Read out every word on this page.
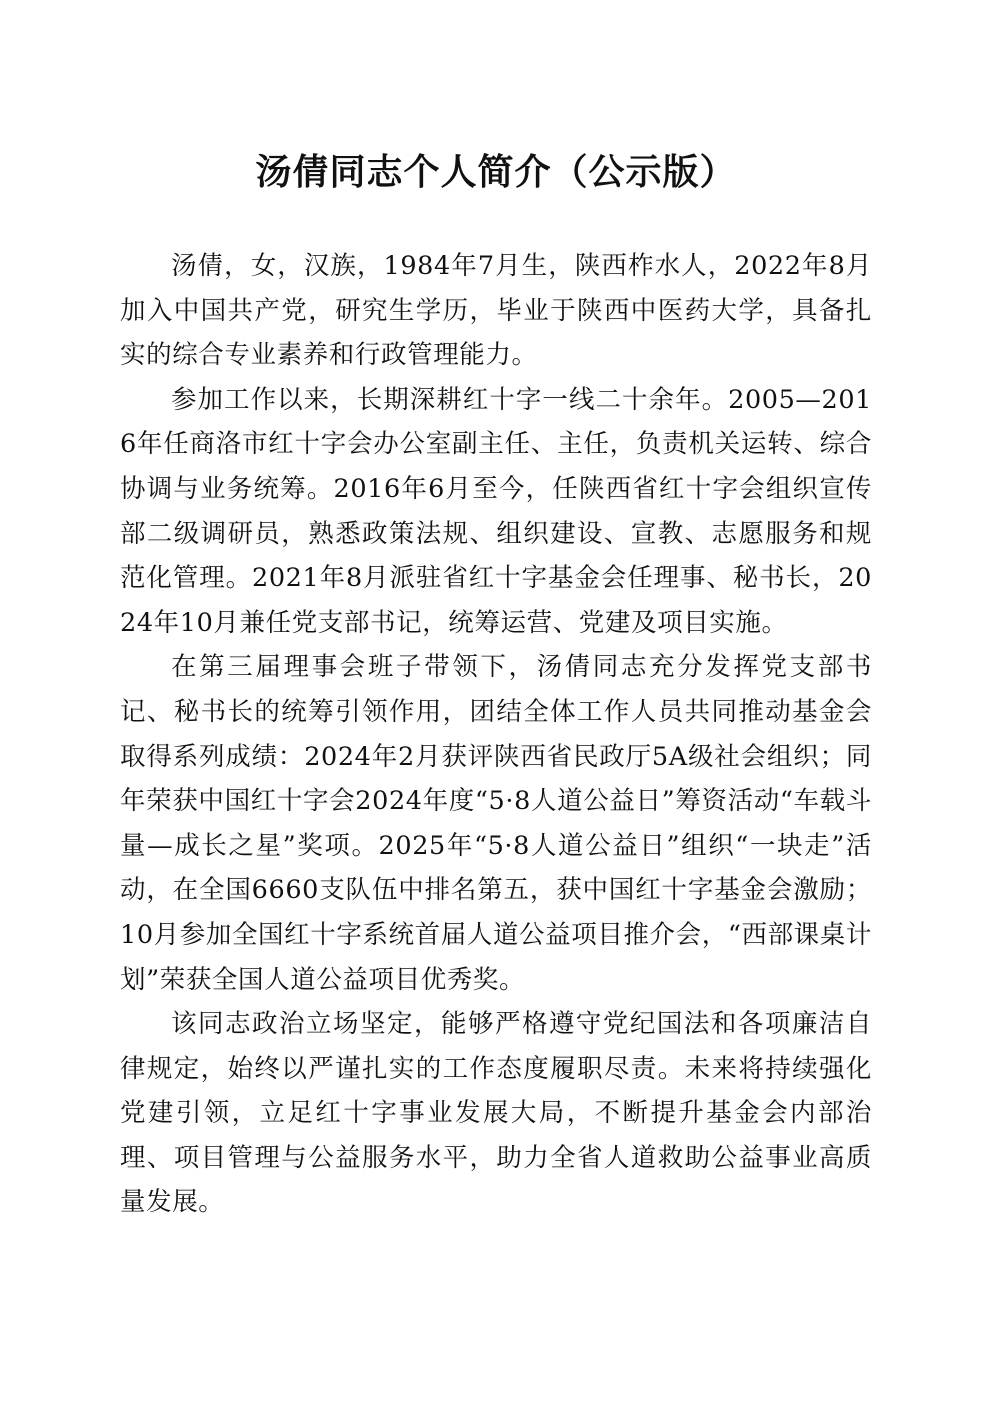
汤倩同志个人简介（公示版）

汤倩，女，汉族，1984年7月生，陕西柞水人，2022年8月加入中国共产党，研究生学历，毕业于陕西中医药大学，具备扎实的综合专业素养和行政管理能力。

参加工作以来，长期深耕红十字一线二十余年。2005—2016年任商洛市红十字会办公室副主任、主任，负责机关运转、综合协调与业务统筹。2016年6月至今，任陕西省红十字会组织宣传部二级调研员，熟悉政策法规、组织建设、宣教、志愿服务和规范化管理。2021年8月派驻省红十字基金会任理事、秘书长，2024年10月兼任党支部书记，统筹运营、党建及项目实施。

在第三届理事会班子带领下，汤倩同志充分发挥党支部书记、秘书长的统筹引领作用，团结全体工作人员共同推动基金会取得系列成绩：2024年2月获评陕西省民政厅5A级社会组织；同年荣获中国红十字会2024年度“5·8人道公益日”筹资活动“车载斗量—成长之星”奖项。2025年“5·8人道公益日”组织“一块走”活动，在全国6660支队伍中排名第五，获中国红十字基金会激励；10月参加全国红十字系统首届人道公益项目推介会，“西部课桌计划”荣获全国人道公益项目优秀奖。

该同志政治立场坚定，能够严格遵守党纪国法和各项廉洁自律规定，始终以严谨扎实的工作态度履职尽责。未来将持续强化党建引领，立足红十字事业发展大局，不断提升基金会内部治理、项目管理与公益服务水平，助力全省人道救助公益事业高质量发展。
